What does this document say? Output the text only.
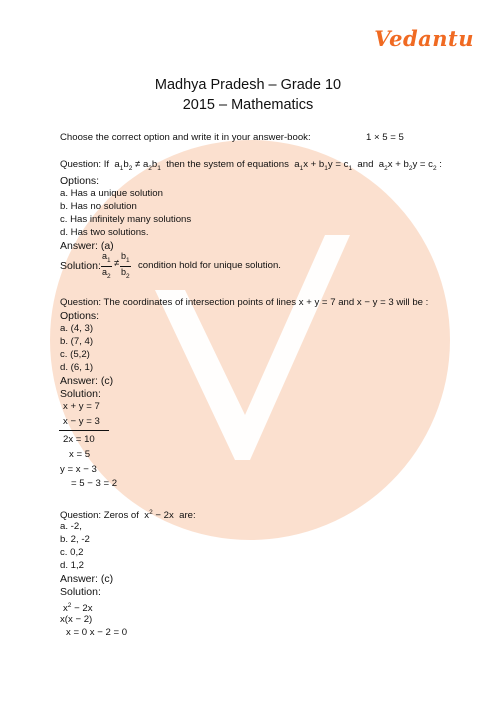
Vedantu
Madhya Pradesh – Grade 10
2015 – Mathematics
Choose the correct option and write it in your answer-book:	1 × 5 = 5
Question: If  $a_1b_2 \ne a_2b_1$ then the system of equations  $a_1x + b_1y = c_1$ and  $a_2x + b_2y = c_2$ :
Options:
a. Has a unique solution
b. Has no solution
c. Has infinitely many solutions
d. Has two solutions.
Answer: (a)
Solution: $\frac{a_1}{a_2} \ne \frac{b_1}{b_2}$ condition hold for unique solution.
Question: The coordinates of intersection points of lines x + y = 7 and x − y = 3 will be :
Options:
a. (4, 3)
b. (7, 4)
c. (5,2)
d. (6, 1)
Answer: (c)
Solution:
x + y = 7
x − y = 3
2x = 10
x = 5
y = x − 3
= 5 − 3 = 2
Question: Zeros of $x^2 - 2x$ are:
a. -2,
b. 2, -2
c. 0,2
d. 1,2
Answer: (c)
Solution:
$x^2 - 2x$
x(x − 2)
x = 0 x − 2 = 0
